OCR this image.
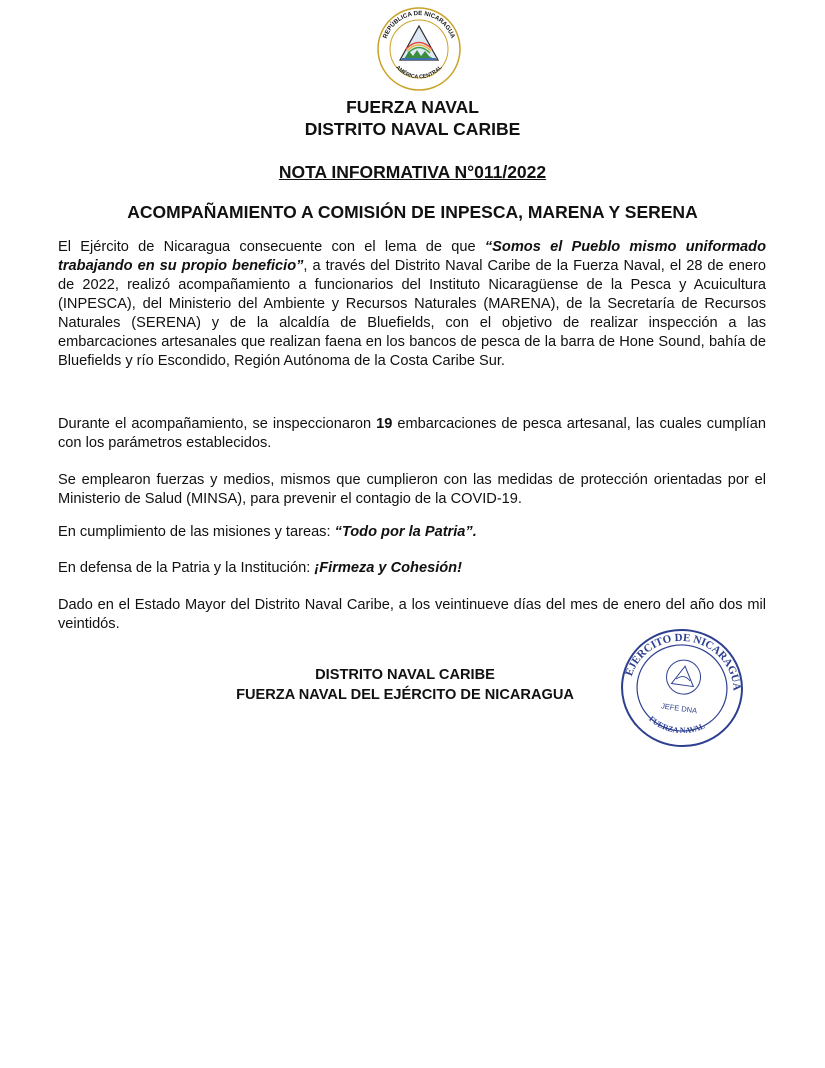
REPÚBLICA DE NICARAGUA
AMÉRICA CENTRAL
FUERZA NAVAL
DISTRITO NAVAL CARIBE
NOTA INFORMATIVA N°011/2022
ACOMPAÑAMIENTO A COMISIÓN DE INPESCA, MARENA Y SERENA
El Ejército de Nicaragua consecuente con el lema de que “Somos el Pueblo mismo uniformado trabajando en su propio beneficio”, a través del Distrito Naval Caribe de la Fuerza Naval, el 28 de enero de 2022, realizó acompañamiento a funcionarios del Instituto Nicaragüense de la Pesca y Acuicultura (INPESCA), del Ministerio del Ambiente y Recursos Naturales (MARENA), de la Secretaría de Recursos Naturales (SERENA) y de la alcaldía de Bluefields, con el objetivo de realizar inspección a las embarcaciones artesanales que realizan faena en los bancos de pesca de la barra de Hone Sound, bahía de Bluefields y río Escondido, Región Autónoma de la Costa Caribe Sur.
Durante el acompañamiento, se inspeccionaron 19 embarcaciones de pesca artesanal, las cuales cumplían con los parámetros establecidos.
Se emplearon fuerzas y medios, mismos que cumplieron con las medidas de protección orientadas por el Ministerio de Salud (MINSA), para prevenir el contagio de la COVID-19.
En cumplimiento de las misiones y tareas: “Todo por la Patria”.
En defensa de la Patria y la Institución: ¡Firmeza y Cohesión!
Dado en el Estado Mayor del Distrito Naval Caribe, a los veintinueve días del mes de enero del año dos mil veintidós.
DISTRITO NAVAL CARIBE
FUERZA NAVAL DEL EJÉRCITO DE NICARAGUA
EJÉRCITO DE NICARAGUA
FUERZA NAVAL
JEFE DNA
